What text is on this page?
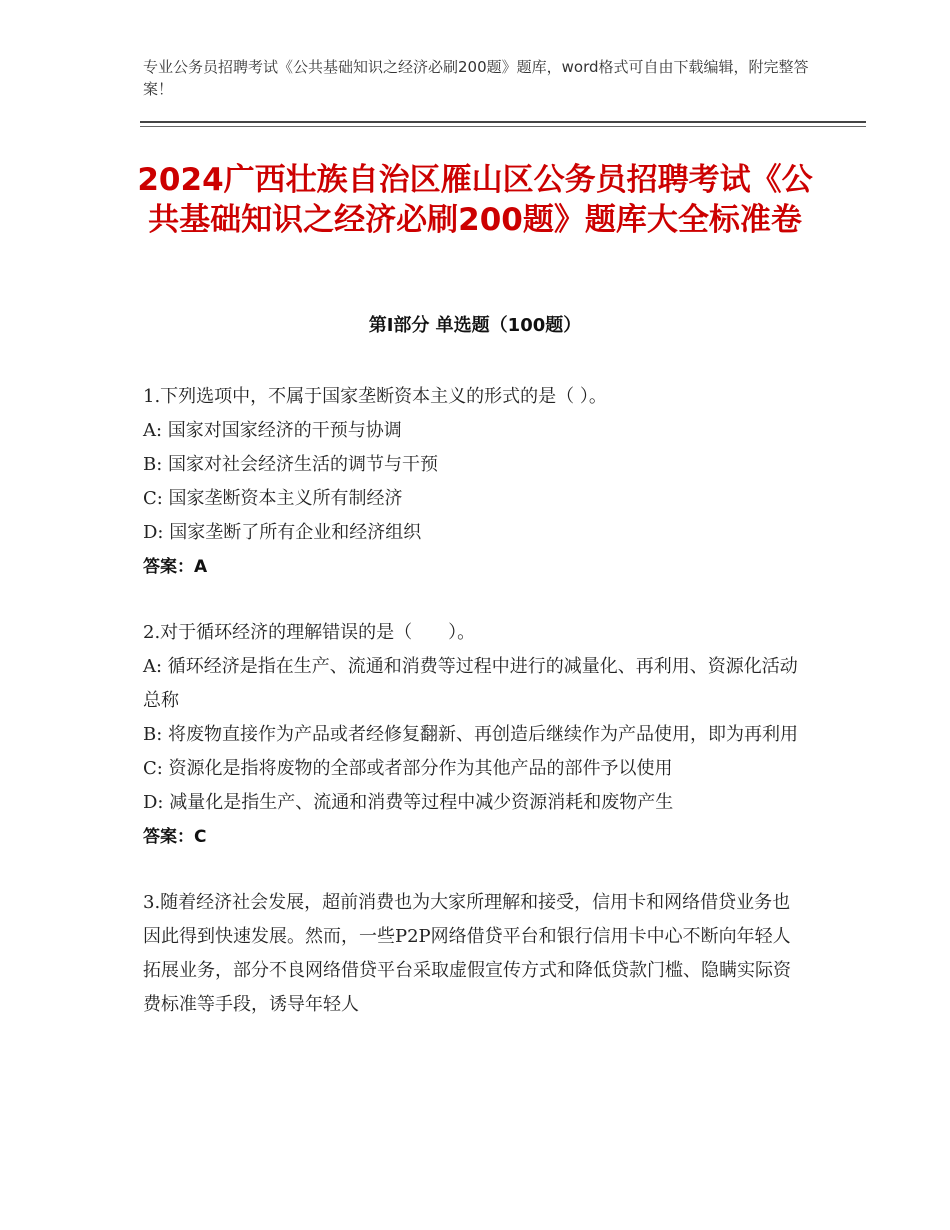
专业公务员招聘考试《公共基础知识之经济必刷200题》题库，word格式可自由下载编辑，附完整答案！
2024广西壮族自治区雁山区公务员招聘考试《公共基础知识之经济必刷200题》题库大全标准卷
第Ⅰ部分 单选题（100题）
1.下列选项中，不属于国家垄断资本主义的形式的是（ ）。
A: 国家对国家经济的干预与协调
B: 国家对社会经济生活的调节与干预
C: 国家垄断资本主义所有制经济
D: 国家垄断了所有企业和经济组织
答案：A
2.对于循环经济的理解错误的是（　　）。
A: 循环经济是指在生产、流通和消费等过程中进行的减量化、再利用、资源化活动总称
B: 将废物直接作为产品或者经修复翻新、再创造后继续作为产品使用，即为再利用
C: 资源化是指将废物的全部或者部分作为其他产品的部件予以使用
D: 减量化是指生产、流通和消费等过程中减少资源消耗和废物产生
答案：C
3.随着经济社会发展，超前消费也为大家所理解和接受，信用卡和网络借贷业务也因此得到快速发展。然而，一些P2P网络借贷平台和银行信用卡中心不断向年轻人拓展业务，部分不良网络借贷平台采取虚假宣传方式和降低贷款门槛、隐瞒实际资费标准等手段，诱导年轻人
